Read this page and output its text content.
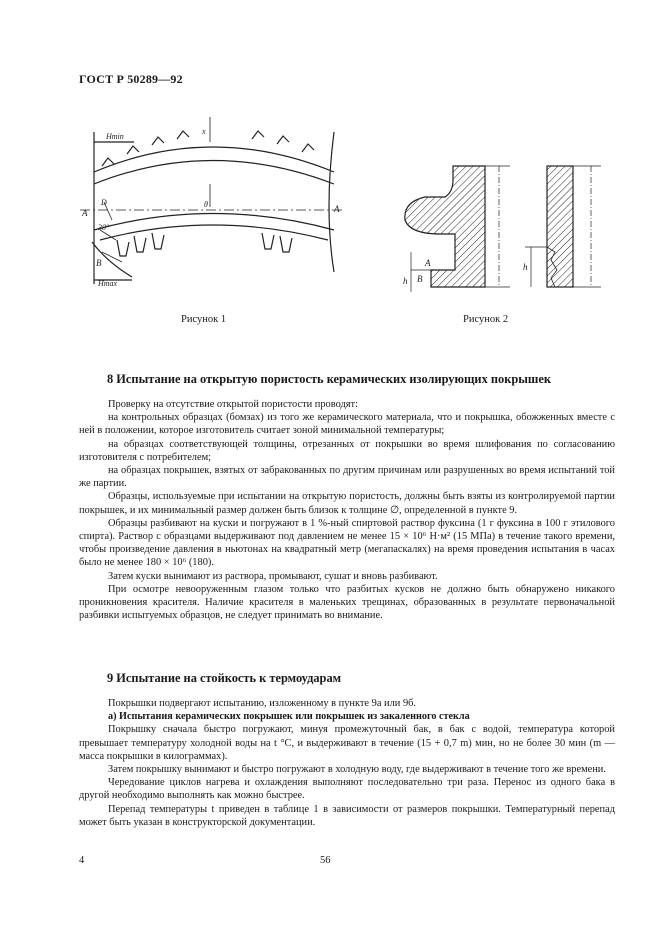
ГОСТ Р 50289—92
Hmin
x
D
30°
A	A
B
Hmax
θ
A
B
h
h
Рисунок 1	Рисунок 2
8 Испытание на открытую пористость керамических изолирующих покрышек

Проверку на отсутствие открытой пористости проводят:

на контрольных образцах (бомзах) из того же керамического материала, что и покрышка, обожженных вместе с ней в положении, которое изготовитель считает зоной минимальной температуры;

на образцах соответствующей толщины, отрезанных от покрышки во время шлифования по согласованию изготовителя с потребителем;

на образцах покрышек, взятых от забракованных по другим причинам или разрушенных во время испытаний той же партии.

Образцы, используемые при испытании на открытую пористость, должны быть взяты из контролируемой партии покрышек, и их минимальный размер должен быть близок к толщине ∅, определенной в пункте 9.

Образцы разбивают на куски и погружают в 1 %-ный спиртовой раствор фуксина (1 г фуксина в 100 г этилового спирта). Раствор с образцами выдерживают под давлением не менее 15 × 10⁶ Н·м² (15 МПа) в течение такого времени, чтобы произведение давления в ньютонах на квадратный метр (мегапаскалях) на время проведения испытания в часах было не менее 180 × 10⁶ (180).

Затем куски вынимают из раствора, промывают, сушат и вновь разбивают.

При осмотре невооруженным глазом только что разбитых кусков не должно быть обнаружено никакого проникновения красителя. Наличие красителя в маленьких трещинах, образованных в результате первоначальной разбивки испытуемых образцов, не следует принимать во внимание.

9 Испытание на стойкость к термоударам

Покрышки подвергают испытанию, изложенному в пункте 9а или 9б.

а) Испытания керамических покрышек или покрышек из закаленного стекла

Покрышку сначала быстро погружают, минуя промежуточный бак, в бак с водой, температура которой превышает температуру холодной воды на t °С, и выдерживают в течение (15 + 0,7 m) мин, но не более 30 мин (m — масса покрышки в килограммах).

Затем покрышку вынимают и быстро погружают в холодную воду, где выдерживают в течение того же времени.

Чередование циклов нагрева и охлаждения выполняют последовательно три раза. Перенос из одного бака в другой необходимо выполнять как можно быстрее.

Перепад температуры t приведен в таблице 1 в зависимости от размеров покрышки. Температурный перепад может быть указан в конструкторской документации.

4	56
